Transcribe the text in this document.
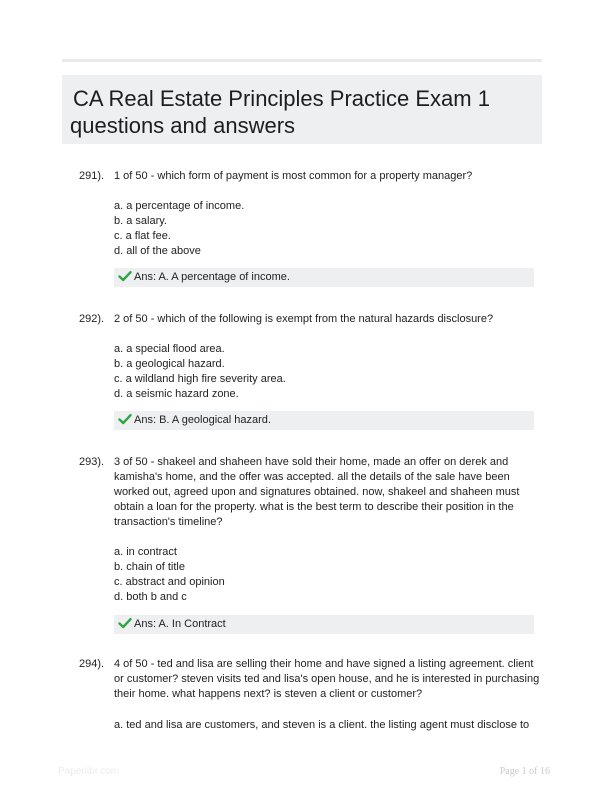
CA Real Estate Principles Practice Exam 1
questions and answers
291). 1 of 50 - which form of payment is most common for a property manager?
a. a percentage of income.
b. a salary.
c. a flat fee.
d. all of the above
Ans: A. A percentage of income.
292). 2 of 50 - which of the following is exempt from the natural hazards disclosure?
a. a special flood area.
b. a geological hazard.
c. a wildland high fire severity area.
d. a seismic hazard zone.
Ans: B. A geological hazard.
293). 3 of 50 - shakeel and shaheen have sold their home, made an offer on derek and kamisha's home, and the offer was accepted. all the details of the sale have been worked out, agreed upon and signatures obtained. now, shakeel and shaheen must obtain a loan for the property. what is the best term to describe their position in the transaction's timeline?
a. in contract
b. chain of title
c. abstract and opinion
d. both b and c
Ans: A. In Contract
294). 4 of 50 - ted and lisa are selling their home and have signed a listing agreement. client or customer? steven visits ted and lisa's open house, and he is interested in purchasing their home. what happens next? is steven a client or customer?
a. ted and lisa are customers, and steven is a client. the listing agent must disclose to
Paperlibr.com	Page 1 of 16
